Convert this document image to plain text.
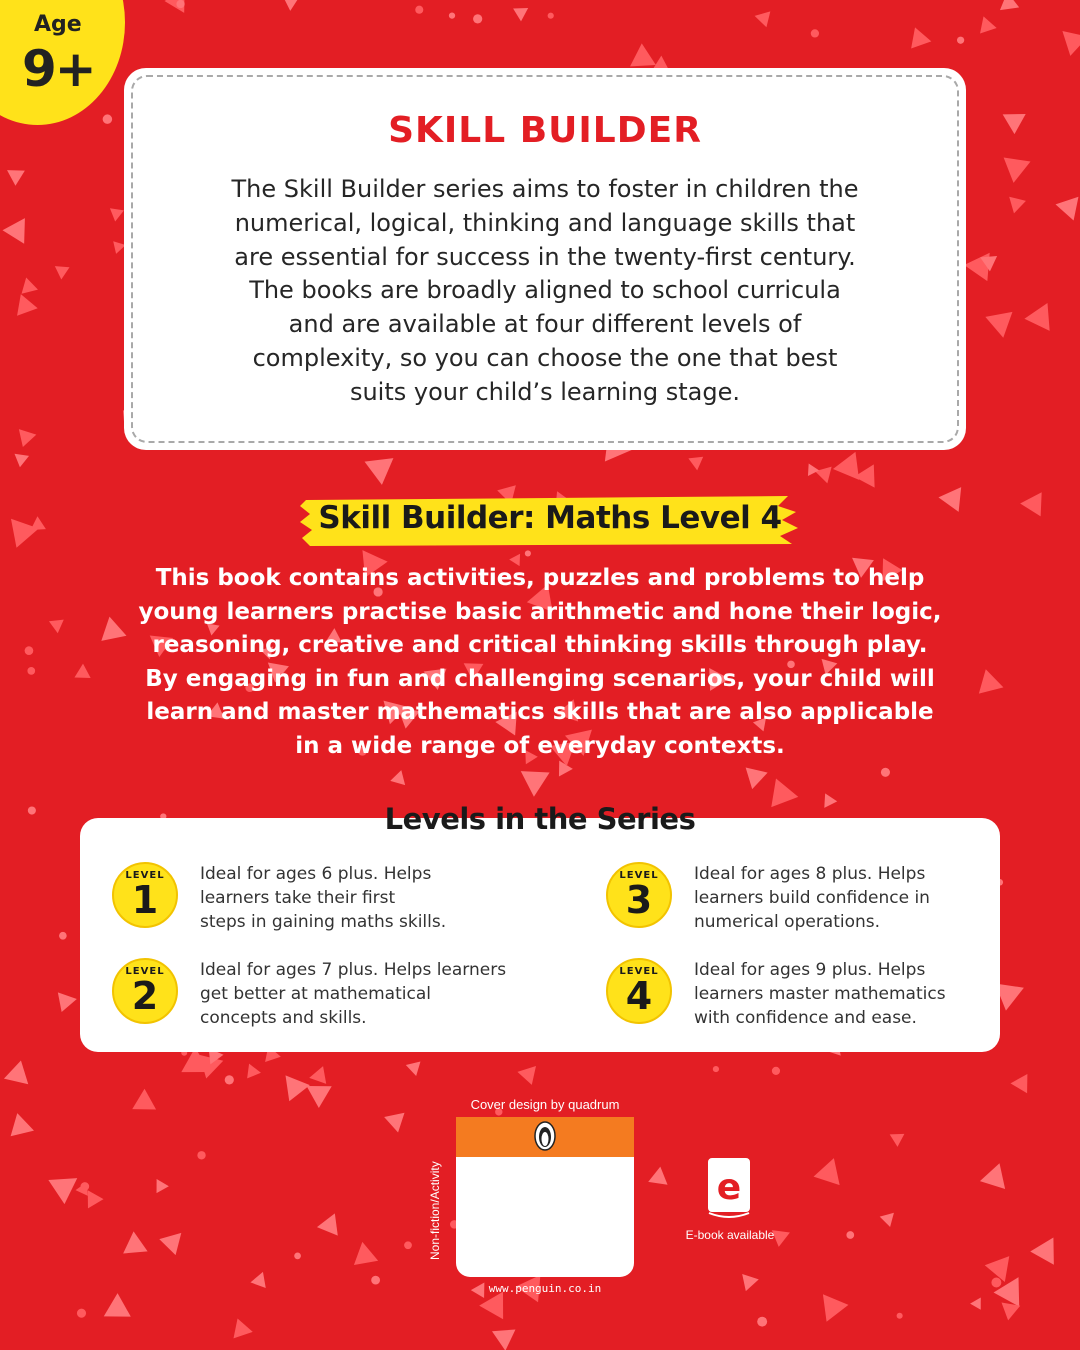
Age
9+
SKILL BUILDER
The Skill Builder series aims to foster in children the
numerical, logical, thinking and language skills that
are essential for success in the twenty-first century.
The books are broadly aligned to school curricula
and are available at four different levels of
complexity, so you can choose the one that best
suits your child’s learning stage.
Skill Builder: Maths Level 4
This book contains activities, puzzles and problems to help
young learners practise basic arithmetic and hone their logic,
reasoning, creative and critical thinking skills through play.
By engaging in fun and challenging scenarios, your child will
learn and master mathematics skills that are also applicable
in a wide range of everyday contexts.
LEVEL
1
Ideal for ages 6 plus. Helps
learners take their first
steps in gaining maths skills.
LEVEL
2
Ideal for ages 7 plus. Helps learners
get better at mathematical
concepts and skills.
LEVEL
3
Ideal for ages 8 plus. Helps
learners build confidence in
numerical operations.
LEVEL
4
Ideal for ages 9 plus. Helps
learners master mathematics
with confidence and ease.
Levels in the Series
Cover design by quadrum
Non-fiction/Activity
www.penguin.co.in
e
E-book available
